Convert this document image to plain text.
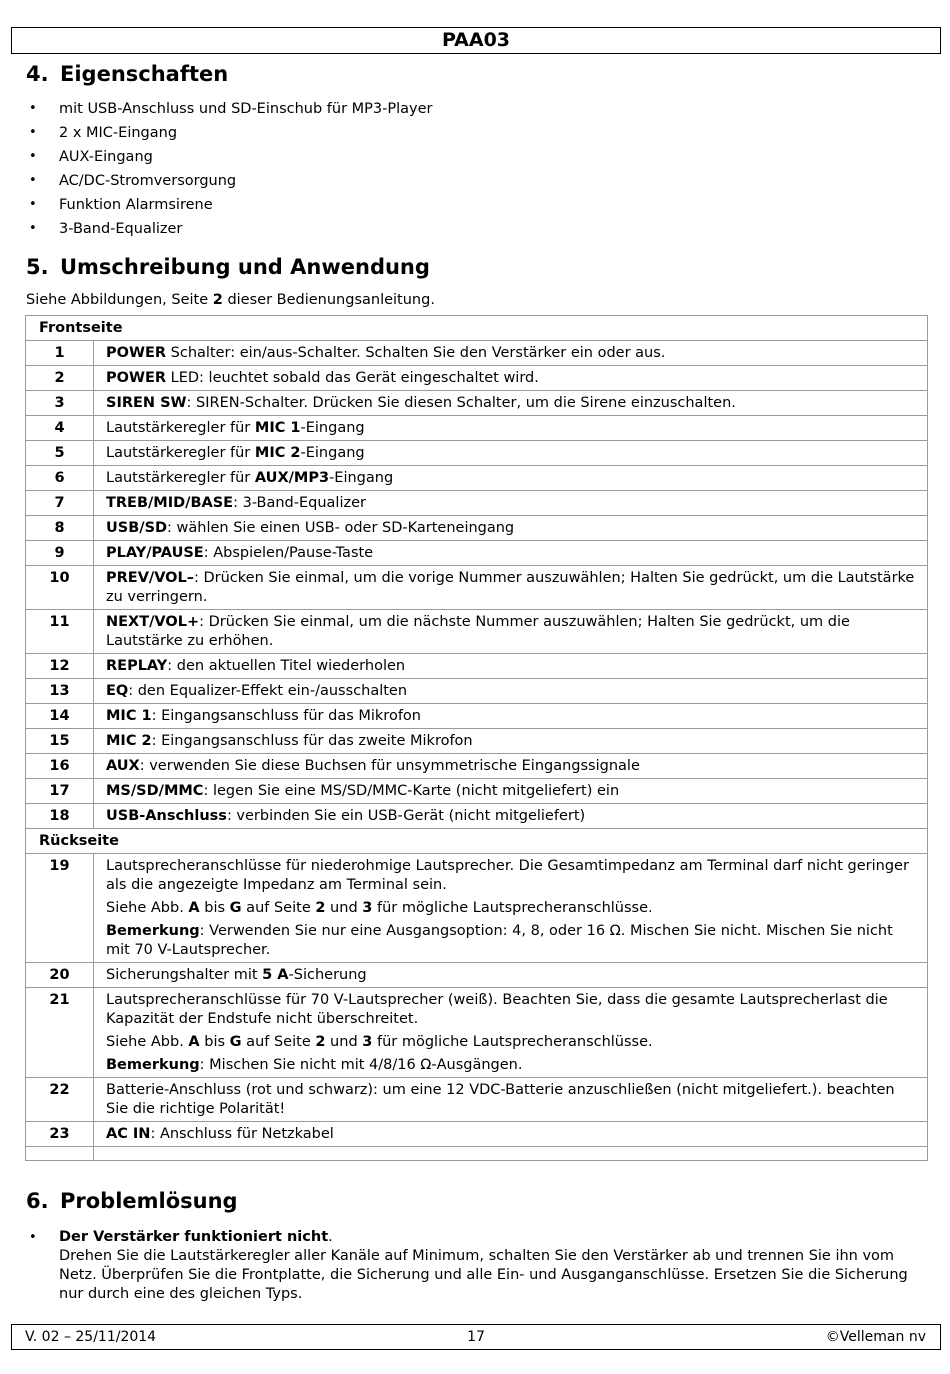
PAA03
4. Eigenschaften
• mit USB-Anschluss und SD-Einschub für MP3-Player
• 2 x MIC-Eingang
• AUX-Eingang
• AC/DC-Stromversorgung
• Funktion Alarmsirene
• 3-Band-Equalizer
5. Umschreibung und Anwendung

Siehe Abbildungen, Seite 2 dieser Bedienungsanleitung.

Frontseite	
1	POWER Schalter: ein/aus-Schalter. Schalten Sie den Verstärker ein oder aus.
2	POWER LED: leuchtet sobald das Gerät eingeschaltet wird.
3	SIREN SW: SIREN-Schalter. Drücken Sie diesen Schalter, um die Sirene einzuschalten.
4	Lautstärkeregler für MIC 1-Eingang
5	Lautstärkeregler für MIC 2-Eingang
6	Lautstärkeregler für AUX/MP3-Eingang
7	TREB/MID/BASE: 3-Band-Equalizer
8	USB/SD: wählen Sie einen USB- oder SD-Karteneingang
9	PLAY/PAUSE: Abspielen/Pause-Taste
10	PREV/VOL–: Drücken Sie einmal, um die vorige Nummer auszuwählen; Halten Sie gedrückt, um die Lautstärke zu verringern.
11	NEXT/VOL+: Drücken Sie einmal, um die nächste Nummer auszuwählen; Halten Sie gedrückt, um die Lautstärke zu erhöhen.
12	REPLAY: den aktuellen Titel wiederholen
13	EQ: den Equalizer-Effekt ein-/ausschalten
14	MIC 1: Eingangsanschluss für das Mikrofon
15	MIC 2: Eingangsanschluss für das zweite Mikrofon
16	AUX: verwenden Sie diese Buchsen für unsymmetrische Eingangssignale
17	MS/SD/MMC: legen Sie eine MS/SD/MMC-Karte (nicht mitgeliefert) ein
18	USB-Anschluss: verbinden Sie ein USB-Gerät (nicht mitgeliefert)
Rückseite	
19	Lautsprecheranschlüsse für niederohmige Lautsprecher. Die Gesamtimpedanz am Terminal darf nicht geringer als die angezeigte Impedanz am Terminal sein.

Siehe Abb. A bis G auf Seite 2 und 3 für mögliche Lautsprecheranschlüsse.

Bemerkung: Verwenden Sie nur eine Ausgangsoption: 4, 8, oder 16 Ω. Mischen Sie nicht. Mischen Sie nicht mit 70 V-Lautsprecher.

20	Sicherungshalter mit 5 A-Sicherung
21	Lautsprecheranschlüsse für 70 V-Lautsprecher (weiß). Beachten Sie, dass die gesamte Lautsprecherlast die Kapazität der Endstufe nicht überschreitet.

Siehe Abb. A bis G auf Seite 2 und 3 für mögliche Lautsprecheranschlüsse.

Bemerkung: Mischen Sie nicht mit 4/8/16 Ω-Ausgängen.

22	Batterie-Anschluss (rot und schwarz): um eine 12 VDC-Batterie anzuschließen (nicht mitgeliefert.). beachten Sie die richtige Polarität!
23	AC IN: Anschluss für Netzkabel

6. Problemlösung
• Der Verstärker funktioniert nicht.
Drehen Sie die Lautstärkeregler aller Kanäle auf Minimum, schalten Sie den Verstärker ab und trennen Sie ihn vom Netz. Überprüfen Sie die Frontplatte, die Sicherung und alle Ein- und Ausganganschlüsse. Ersetzen Sie die Sicherung nur durch eine des gleichen Typs.
V. 02 – 25/11/2014	17	©Velleman nv
